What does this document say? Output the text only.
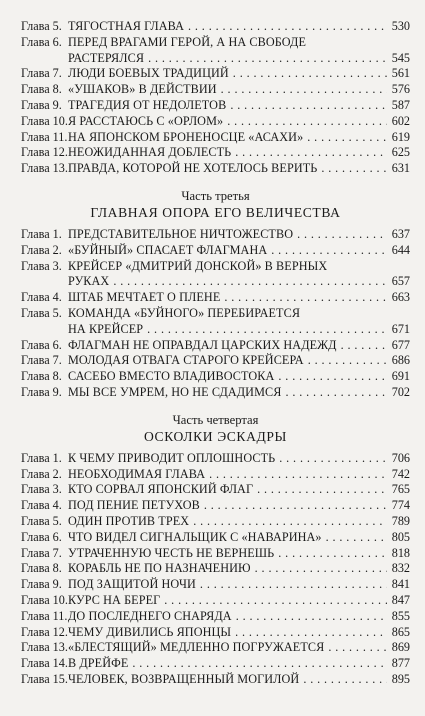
Глава 5. ТЯГОСТНАЯ ГЛАВА . . .	530
Глава 6. ПЕРЕД ВРАГАМИ ГЕРОЙ, А НА СВОБОДЕ
РАСТЕРЯЛСЯ . . .	545
Глава 7. ЛЮДИ БОЕВЫХ ТРАДИЦИЙ . . .	561
Глава 8. «УШАКОВ» В ДЕЙСТВИИ . . .	576
Глава 9. ТРАГЕДИЯ ОТ НЕДОЛЕТОВ . . .	587
Глава 10. Я РАССТАЮСЬ С «ОРЛОМ» . . .	602
Глава 11. НА ЯПОНСКОМ БРОНЕНОСЦЕ «АСАХИ» . . .	619
Глава 12. НЕОЖИДАННАЯ ДОБЛЕСТЬ . . .	625
Глава 13. ПРАВДА, КОТОРОЙ НЕ ХОТЕЛОСЬ ВЕРИТЬ . . .	631
Часть третья
ГЛАВНАЯ ОПОРА ЕГО ВЕЛИЧЕСТВА
Глава 1. ПРЕДСТАВИТЕЛЬНОЕ НИЧТОЖЕСТВО . . .	637
Глава 2. «БУЙНЫЙ» СПАСАЕТ ФЛАГМАНА . . .	644
Глава 3. КРЕЙСЕР «ДМИТРИЙ ДОНСКОЙ» В ВЕРНЫХ
РУКАХ . . .	657
Глава 4. ШТАБ МЕЧТАЕТ О ПЛЕНЕ . . .	663
Глава 5. КОМАНДА «БУЙНОГО» ПЕРЕБИРАЕТСЯ
НА КРЕЙСЕР . . .	671
Глава 6. ФЛАГМАН НЕ ОПРАВДАЛ ЦАРСКИХ НАДЕЖД . . .	677
Глава 7. МОЛОДАЯ ОТВАГА СТАРОГО КРЕЙСЕРА . . .	686
Глава 8. САСЕБО ВМЕСТО ВЛАДИВОСТОКА . . .	691
Глава 9. МЫ ВСЕ УМРЕМ, НО НЕ СДАДИМСЯ . . .	702
Часть четвертая
ОСКОЛКИ ЭСКАДРЫ
Глава 1. К ЧЕМУ ПРИВОДИТ ОПЛОШНОСТЬ . . .	706
Глава 2. НЕОБХОДИМАЯ ГЛАВА . . .	742
Глава 3. КТО СОРВАЛ ЯПОНСКИЙ ФЛАГ . . .	765
Глава 4. ПОД ПЕНИЕ ПЕТУХОВ . . .	774
Глава 5. ОДИН ПРОТИВ ТРЕХ . . .	789
Глава 6. ЧТО ВИДЕЛ СИГНАЛЬЩИК С «НАВАРИНА» . . .	805
Глава 7. УТРАЧЕННУЮ ЧЕСТЬ НЕ ВЕРНЕШЬ . . .	818
Глава 8. КОРАБЛЬ НЕ ПО НАЗНАЧЕНИЮ . . .	832
Глава 9. ПОД ЗАЩИТОЙ НОЧИ . . .	841
Глава 10. КУРС НА БЕРЕГ . . .	847
Глава 11. ДО ПОСЛЕДНЕГО СНАРЯДА . . .	855
Глава 12. ЧЕМУ ДИВИЛИСЬ ЯПОНЦЫ . . .	865
Глава 13. «БЛЕСТЯЩИЙ» МЕДЛЕННО ПОГРУЖАЕТСЯ . . .	869
Глава 14. В ДРЕЙФЕ . . .	877
Глава 15. ЧЕЛОВЕК, ВОЗВРАЩЕННЫЙ МОГИЛОЙ . . .	895
